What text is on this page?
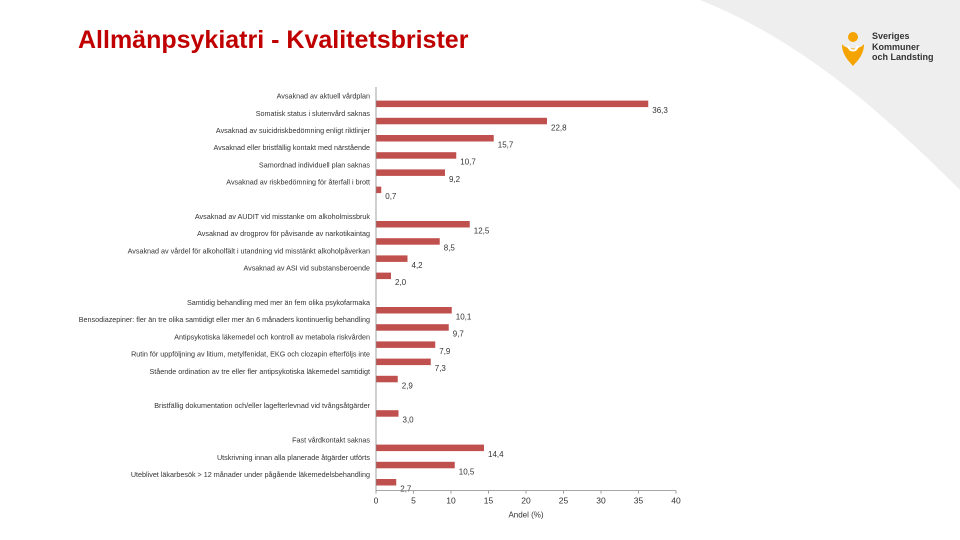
Allmänpsykiatri - Kvalitetsbrister	Sveriges
Kommuner
och Landsting
Avsaknad av aktuell vårdplan
36,3
Somatisk status i slutenvård saknas
22,8
Avsaknad av suicidriskbedömning enligt riktlinjer
15,7
Avsaknad eller bristfällig kontakt med närstående
10,7
Samordnad individuell plan saknas
9,2
Avsaknad av riskbedömning för återfall i brott
0,7
Avsaknad av AUDIT vid misstanke om alkoholmissbruk
12,5
Avsaknad av drogprov för påvisande av narkotikaintag
8,5
Avsaknad av vårdel för alkoholfält i utandning vid misstänkt alkoholpåverkan
4,2
Avsaknad av ASI vid substansberoende
2,0
Samtidig behandling med mer än fem olika psykofarmaka
10,1
Bensodiazepiner: fler än tre olika samtidigt eller mer än 6 månaders kontinuerlig behandling
9,7
Antipsykotiska läkemedel och kontroll av metabola riskvården
7,9
Rutin för uppföljning av litium, metylfenidat, EKG och clozapin efterföljs inte
7,3
Stående ordination av tre eller fler antipsykotiska läkemedel samtidigt
2,9
Bristfällig dokumentation och/eller lagefterlevnad vid tvångsåtgärder
3,0
Fast vårdkontakt saknas
14,4
Utskrivning innan alla planerade åtgärder utförts
10,5
Uteblivet läkarbesök > 12 månader under pågående läkemedelsbehandling
2,7
0	5	10	15	20	25	30	35	40
Andel (%)
